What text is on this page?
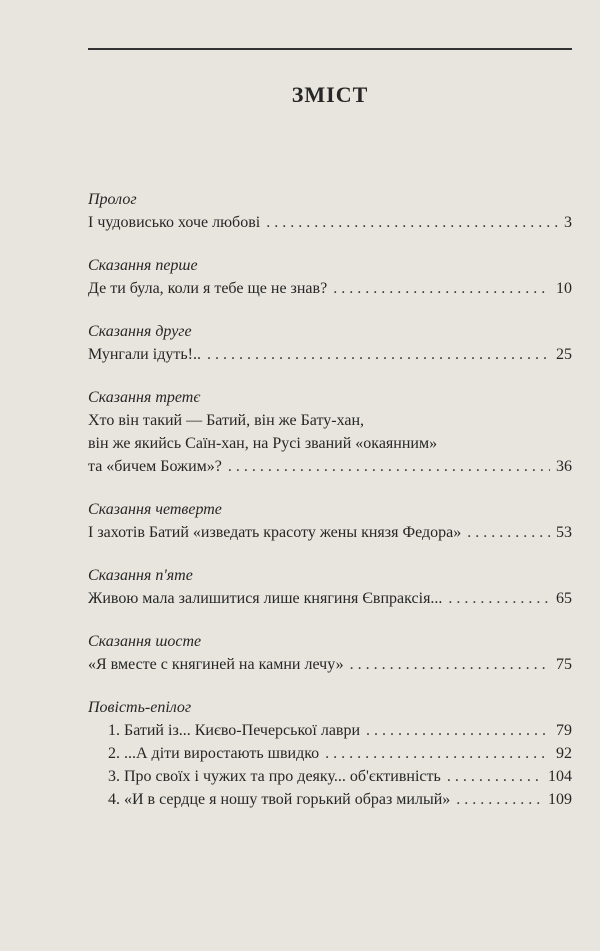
ЗМІСТ
Пролог
І чудовисько хоче любові . . .	3
Сказання перше
Де ти була, коли я тебе ще не знав? . . .	10
Сказання друге
Мунгали ідуть!.. . . .	25
Сказання третє
Хто він такий — Батий, він же Бату-хан,
він же якийсь Саїн-хан, на Русі званий «окаянним»
та «бичем Божим»? . . .	36
Сказання четверте
І захотів Батий «изведать красоту жены князя Федора» . . .	53
Сказання п'яте
Живою мала залишитися лише княгиня Євпраксія... . . .	65
Сказання шосте
«Я вместе с княгиней на камни лечу» . . .	75
Повість-епілог
1. Батий із... Києво-Печерської лаври . . .	79
2. ...А діти виростають швидко . . .	92
3. Про своїх і чужих та про деяку... об'єктивність . . .	104
4. «И в сердце я ношу твой горький образ милый» . . .	109
